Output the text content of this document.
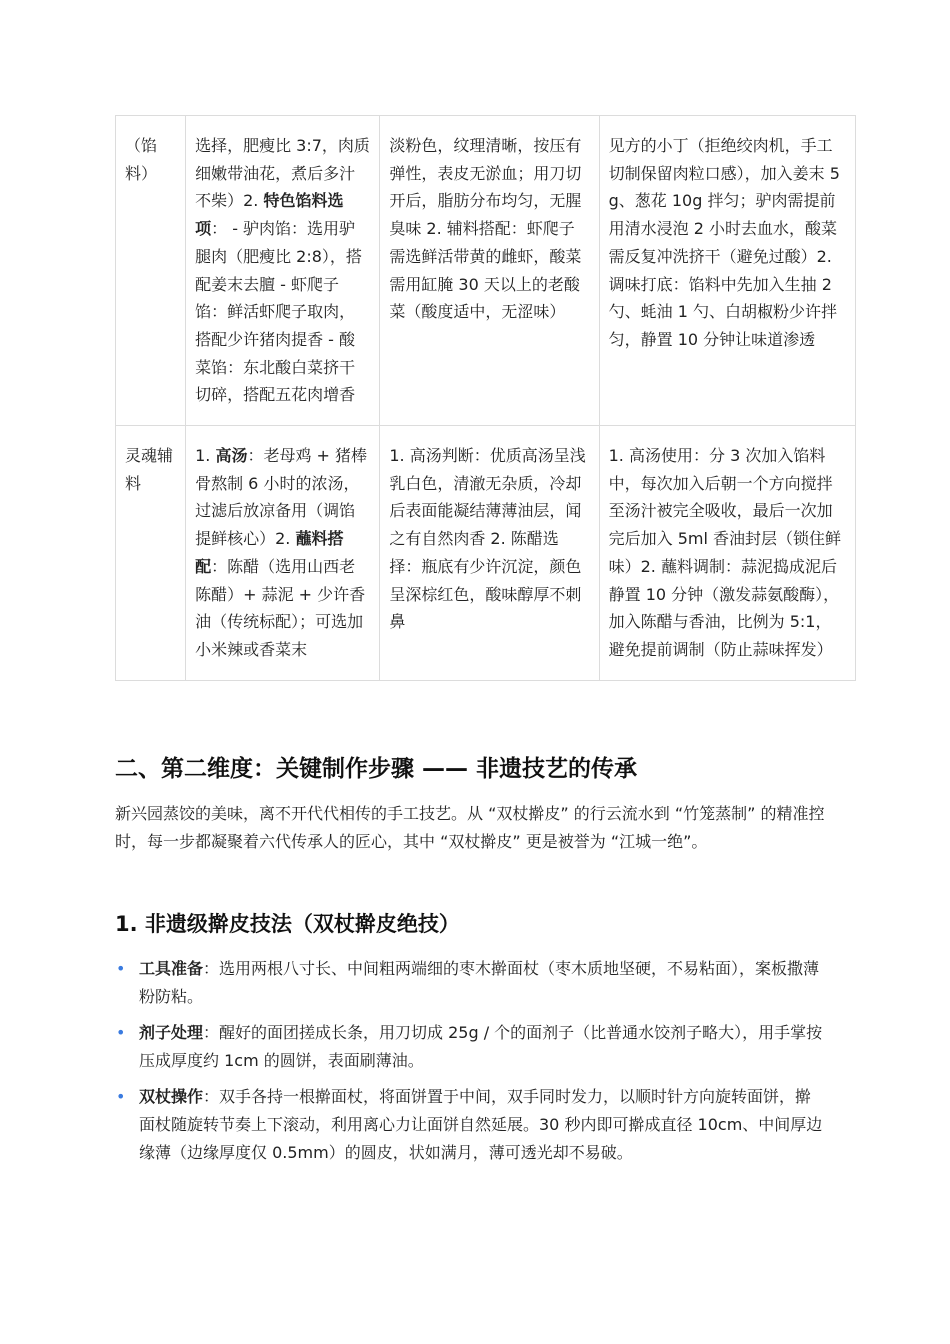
（馅料）	选择，肥瘦比 3:7，肉质细嫩带油花，煮后多汁不柴）2. 特色馅料选项： - 驴肉馅：选用驴腿肉（肥瘦比 2:8），搭配姜末去膻 - 虾爬子馅：鲜活虾爬子取肉，搭配少许猪肉提香 - 酸菜馅：东北酸白菜挤干切碎，搭配五花肉增香	淡粉色，纹理清晰，按压有弹性，表皮无淤血；用刀切开后，脂肪分布均匀，无腥臭味 2. 辅料搭配：虾爬子需选鲜活带黄的雌虾，酸菜需用缸腌 30 天以上的老酸菜（酸度适中，无涩味）	见方的小丁（拒绝绞肉机，手工切制保留肉粒口感），加入姜末 5g、葱花 10g 拌匀；驴肉需提前用清水浸泡 2 小时去血水，酸菜需反复冲洗挤干（避免过酸）2. 调味打底：馅料中先加入生抽 2 勺、蚝油 1 勺、白胡椒粉少许拌匀，静置 10 分钟让味道渗透
灵魂辅料	1. 高汤：老母鸡 + 猪棒骨熬制 6 小时的浓汤，过滤后放凉备用（调馅提鲜核心）2. 蘸料搭配：陈醋（选用山西老陈醋）+ 蒜泥 + 少许香油（传统标配）；可选加小米辣或香菜末	1. 高汤判断：优质高汤呈浅乳白色，清澈无杂质，冷却后表面能凝结薄薄油层，闻之有自然肉香 2. 陈醋选择：瓶底有少许沉淀，颜色呈深棕红色，酸味醇厚不刺鼻	1. 高汤使用：分 3 次加入馅料中，每次加入后朝一个方向搅拌至汤汁被完全吸收，最后一次加完后加入 5ml 香油封层（锁住鲜味）2. 蘸料调制：蒜泥捣成泥后静置 10 分钟（激发蒜氨酸酶），加入陈醋与香油，比例为 5:1，避免提前调制（防止蒜味挥发）
二、第二维度：关键制作步骤 —— 非遗技艺的传承

新兴园蒸饺的美味，离不开代代相传的手工技艺。从 “双杖擀皮” 的行云流水到 “竹笼蒸制” 的精准控时，每一步都凝聚着六代传承人的匠心，其中 “双杖擀皮” 更是被誉为 “江城一绝”。

1. 非遗级擀皮技法（双杖擀皮绝技）
• 工具准备：选用两根八寸长、中间粗两端细的枣木擀面杖（枣木质地坚硬，不易粘面），案板撒薄粉防粘。
• 剂子处理：醒好的面团搓成长条，用刀切成 25g / 个的面剂子（比普通水饺剂子略大），用手掌按压成厚度约 1cm 的圆饼，表面刷薄油。
• 双杖操作：双手各持一根擀面杖，将面饼置于中间，双手同时发力，以顺时针方向旋转面饼，擀面杖随旋转节奏上下滚动，利用离心力让面饼自然延展。30 秒内即可擀成直径 10cm、中间厚边缘薄（边缘厚度仅 0.5mm）的圆皮，状如满月，薄可透光却不易破。
